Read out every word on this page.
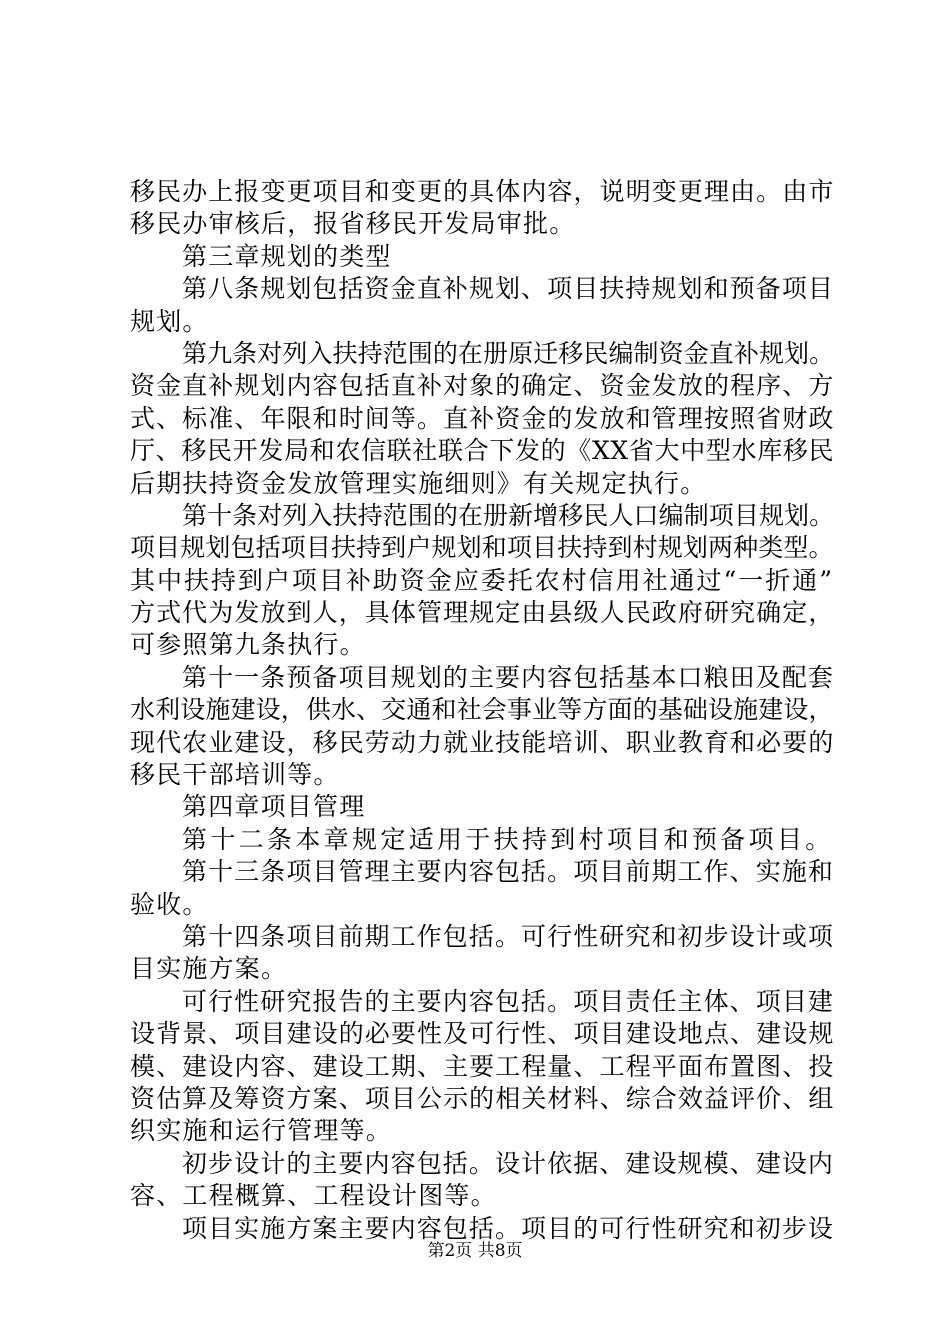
移民办上报变更项目和变更的具体内容，说明变更理由。由市
移民办审核后，报省移民开发局审批。
第三章规划的类型
第八条规划包括资金直补规划、项目扶持规划和预备项目
规划。
第九条对列入扶持范围的在册原迁移民编制资金直补规划。
资金直补规划内容包括直补对象的确定、资金发放的程序、方
式、标准、年限和时间等。直补资金的发放和管理按照省财政
厅、移民开发局和农信联社联合下发的《XX省大中型水库移民
后期扶持资金发放管理实施细则》有关规定执行。
第十条对列入扶持范围的在册新增移民人口编制项目规划。
项目规划包括项目扶持到户规划和项目扶持到村规划两种类型。
其中扶持到户项目补助资金应委托农村信用社通过“一折通”
方式代为发放到人，具体管理规定由县级人民政府研究确定，
可参照第九条执行。
第十一条预备项目规划的主要内容包括基本口粮田及配套
水利设施建设，供水、交通和社会事业等方面的基础设施建设，
现代农业建设，移民劳动力就业技能培训、职业教育和必要的
移民干部培训等。
第四章项目管理
第十二条本章规定适用于扶持到村项目和预备项目。
第十三条项目管理主要内容包括。项目前期工作、实施和
验收。
第十四条项目前期工作包括。可行性研究和初步设计或项
目实施方案。
可行性研究报告的主要内容包括。项目责任主体、项目建
设背景、项目建设的必要性及可行性、项目建设地点、建设规
模、建设内容、建设工期、主要工程量、工程平面布置图、投
资估算及筹资方案、项目公示的相关材料、综合效益评价、组
织实施和运行管理等。
初步设计的主要内容包括。设计依据、建设规模、建设内
容、工程概算、工程设计图等。
项目实施方案主要内容包括。项目的可行性研究和初步设
第2页 共8页
